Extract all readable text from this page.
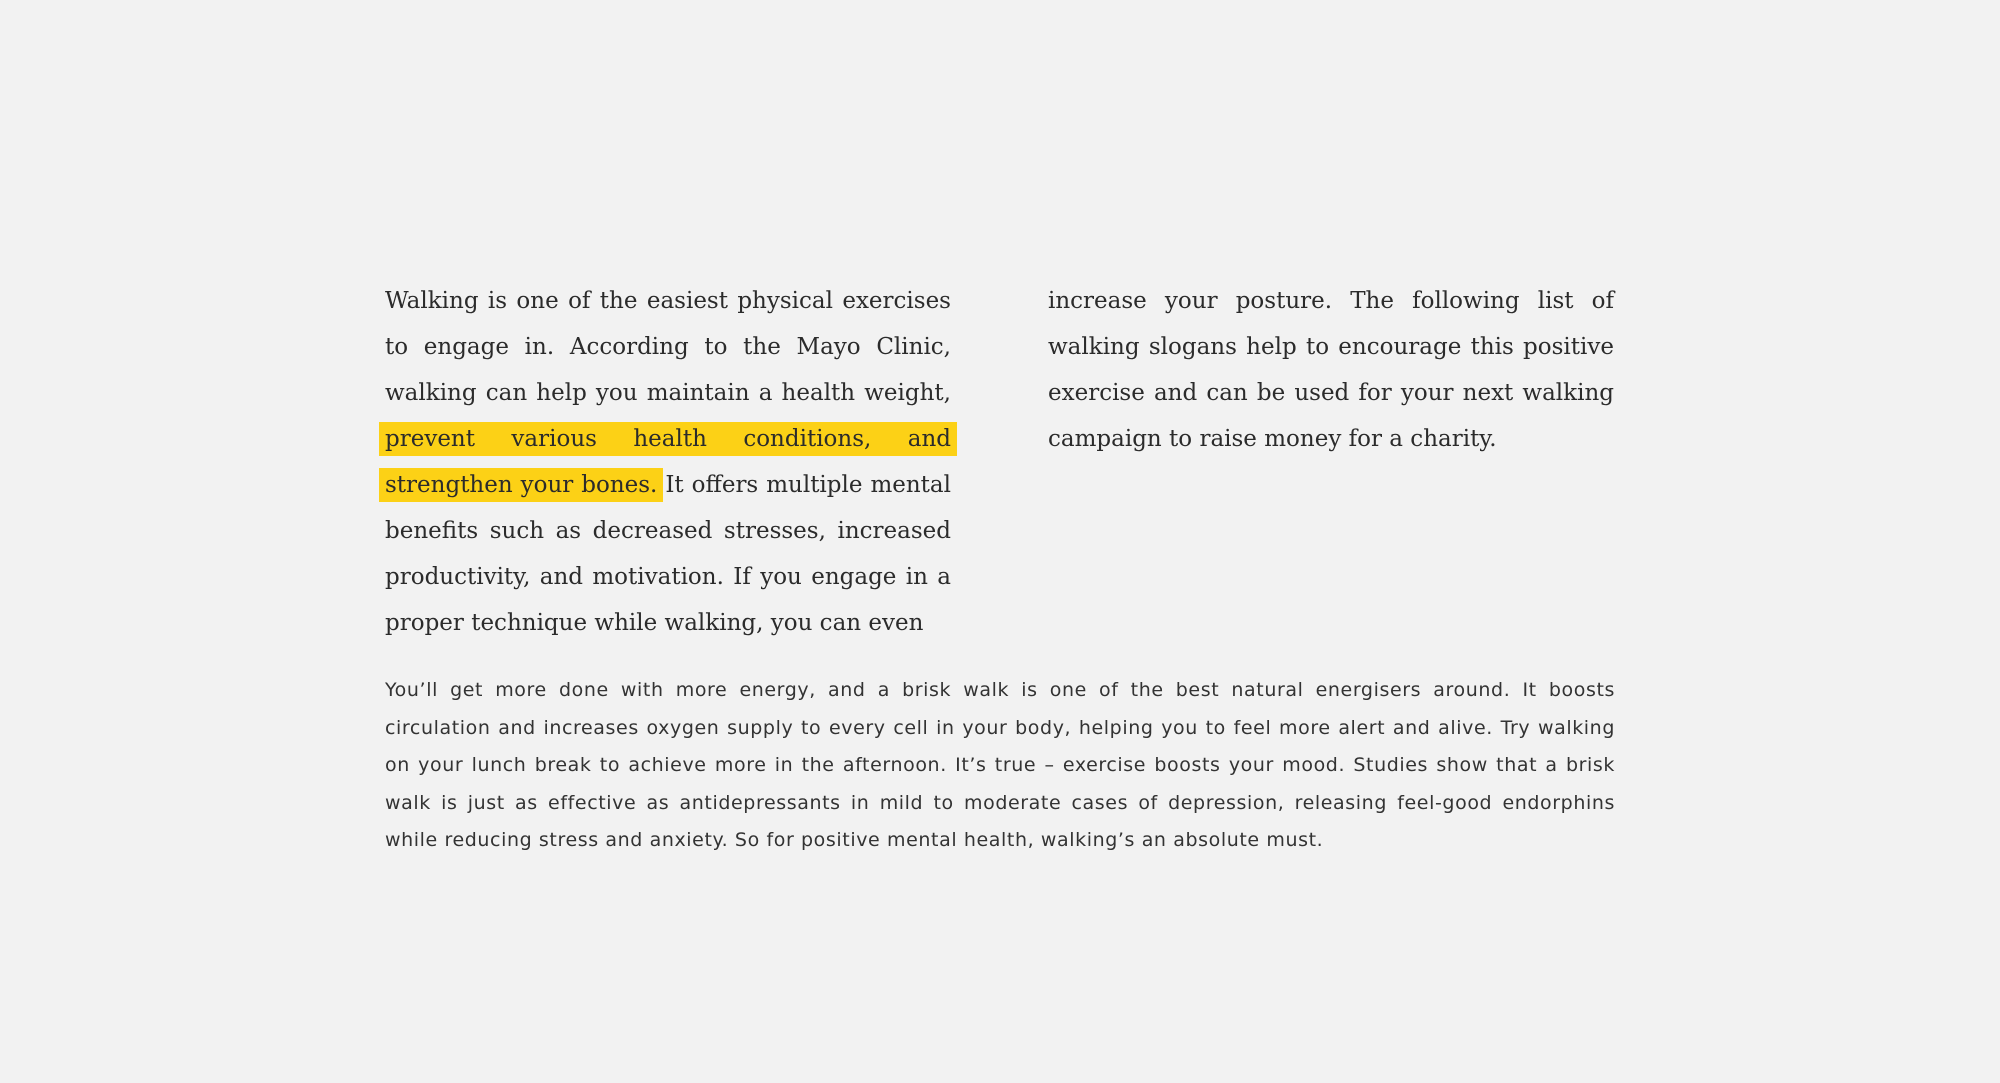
Walking is one of the easiest physical exercises to engage in. According to the Mayo Clinic, walking can help you maintain a health weight, prevent various health conditions, and strengthen your bones. It offers multiple mental benefits such as decreased stresses, increased productivity, and motivation. If you engage in a proper technique while walking, you can even
increase your posture. The following list of walking slogans help to encourage this positive exercise and can be used for your next walking campaign to raise money for a charity.
You’ll get more done with more energy, and a brisk walk is one of the best natural energisers around. It boosts circulation and increases oxygen supply to every cell in your body, helping you to feel more alert and alive. Try walking on your lunch break to achieve more in the afternoon. It’s true – exercise boosts your mood. Studies show that a brisk walk is just as effective as antidepressants in mild to moderate cases of depression, releasing feel-good endorphins while reducing stress and anxiety. So for positive mental health, walking’s an absolute must.
